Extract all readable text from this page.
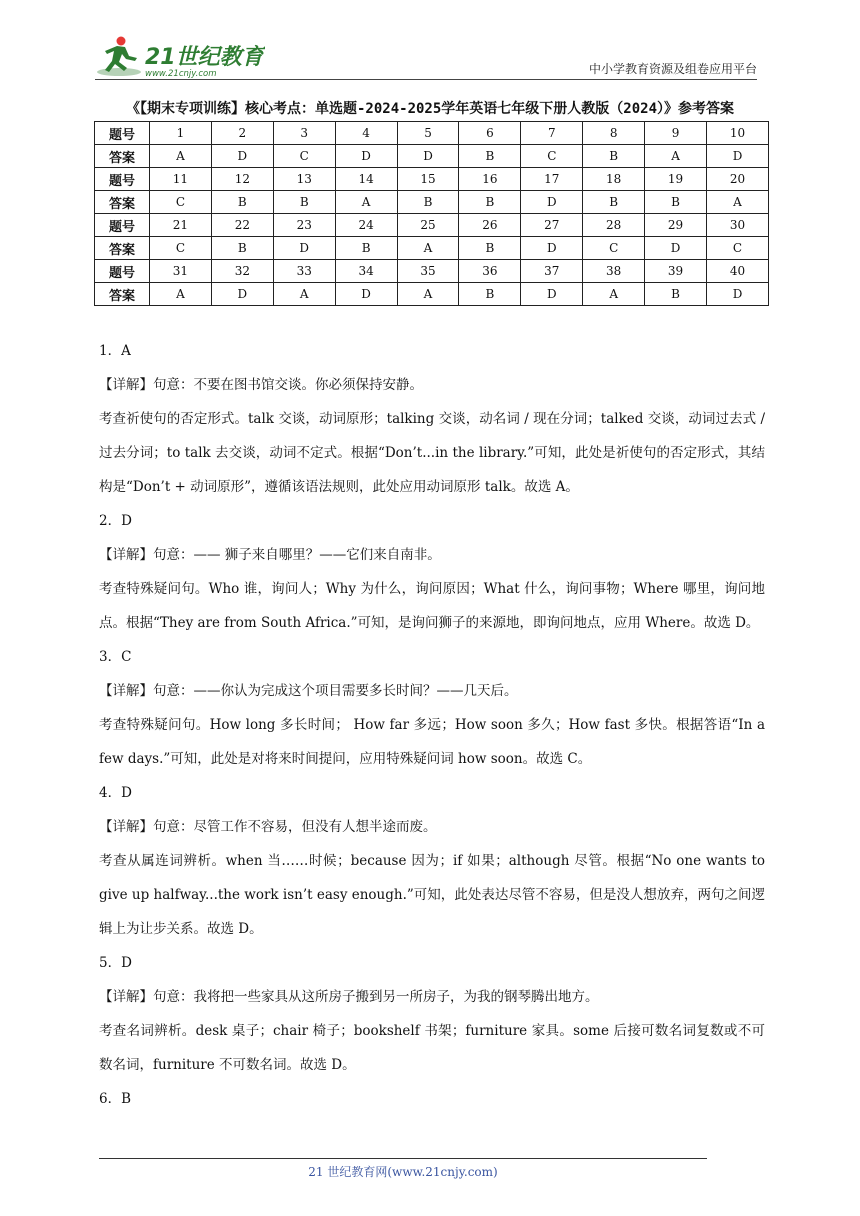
21世纪教育
www.21cnjy.com	中小学教育资源及组卷应用平台
《【期末专项训练】核心考点：单选题-2024-2025学年英语七年级下册人教版（2024）》参考答案
题号	1	2	3	4	5	6	7	8	9	10
答案	A	D	C	D	D	B	C	B	A	D
题号	11	12	13	14	15	16	17	18	19	20
答案	C	B	B	A	B	B	D	B	B	A
题号	21	22	23	24	25	26	27	28	29	30
答案	C	B	D	B	A	B	D	C	D	C
题号	31	32	33	34	35	36	37	38	39	40
答案	A	D	A	D	A	B	D	A	B	D

1．A

【详解】句意：不要在图书馆交谈。你必须保持安静。

考查祈使句的否定形式。talk 交谈，动词原形；talking 交谈，动名词 / 现在分词；talked 交谈，动词过去式 / 过去分词；to talk 去交谈，动词不定式。根据“Don’t...in the library.”可知，此处是祈使句的否定形式，其结构是“Don’t + 动词原形”，遵循该语法规则，此处应用动词原形 talk。故选 A。

2．D

【详解】句意：—— 狮子来自哪里？——它们来自南非。

考查特殊疑问句。Who 谁，询问人；Why 为什么，询问原因；What 什么，询问事物；Where 哪里，询问地点。根据“They are from South Africa.”可知，是询问狮子的来源地，即询问地点，应用 Where。故选 D。

3．C

【详解】句意：——你认为完成这个项目需要多长时间？——几天后。

考查特殊疑问句。How long 多长时间； How far 多远；How soon 多久；How fast 多快。根据答语“In a few days.”可知，此处是对将来时间提问，应用特殊疑问词 how soon。故选 C。

4．D

【详解】句意：尽管工作不容易，但没有人想半途而废。

考查从属连词辨析。when 当……时候；because 因为；if 如果；although 尽管。根据“No one wants to give up halfway...the work isn’t easy enough.”可知，此处表达尽管不容易，但是没人想放弃，两句之间逻辑上为让步关系。故选 D。

5．D

【详解】句意：我将把一些家具从这所房子搬到另一所房子，为我的钢琴腾出地方。

考查名词辨析。desk 桌子；chair 椅子；bookshelf 书架；furniture 家具。some 后接可数名词复数或不可数名词，furniture 不可数名词。故选 D。

6．B

21 世纪教育网(www.21cnjy.com)
